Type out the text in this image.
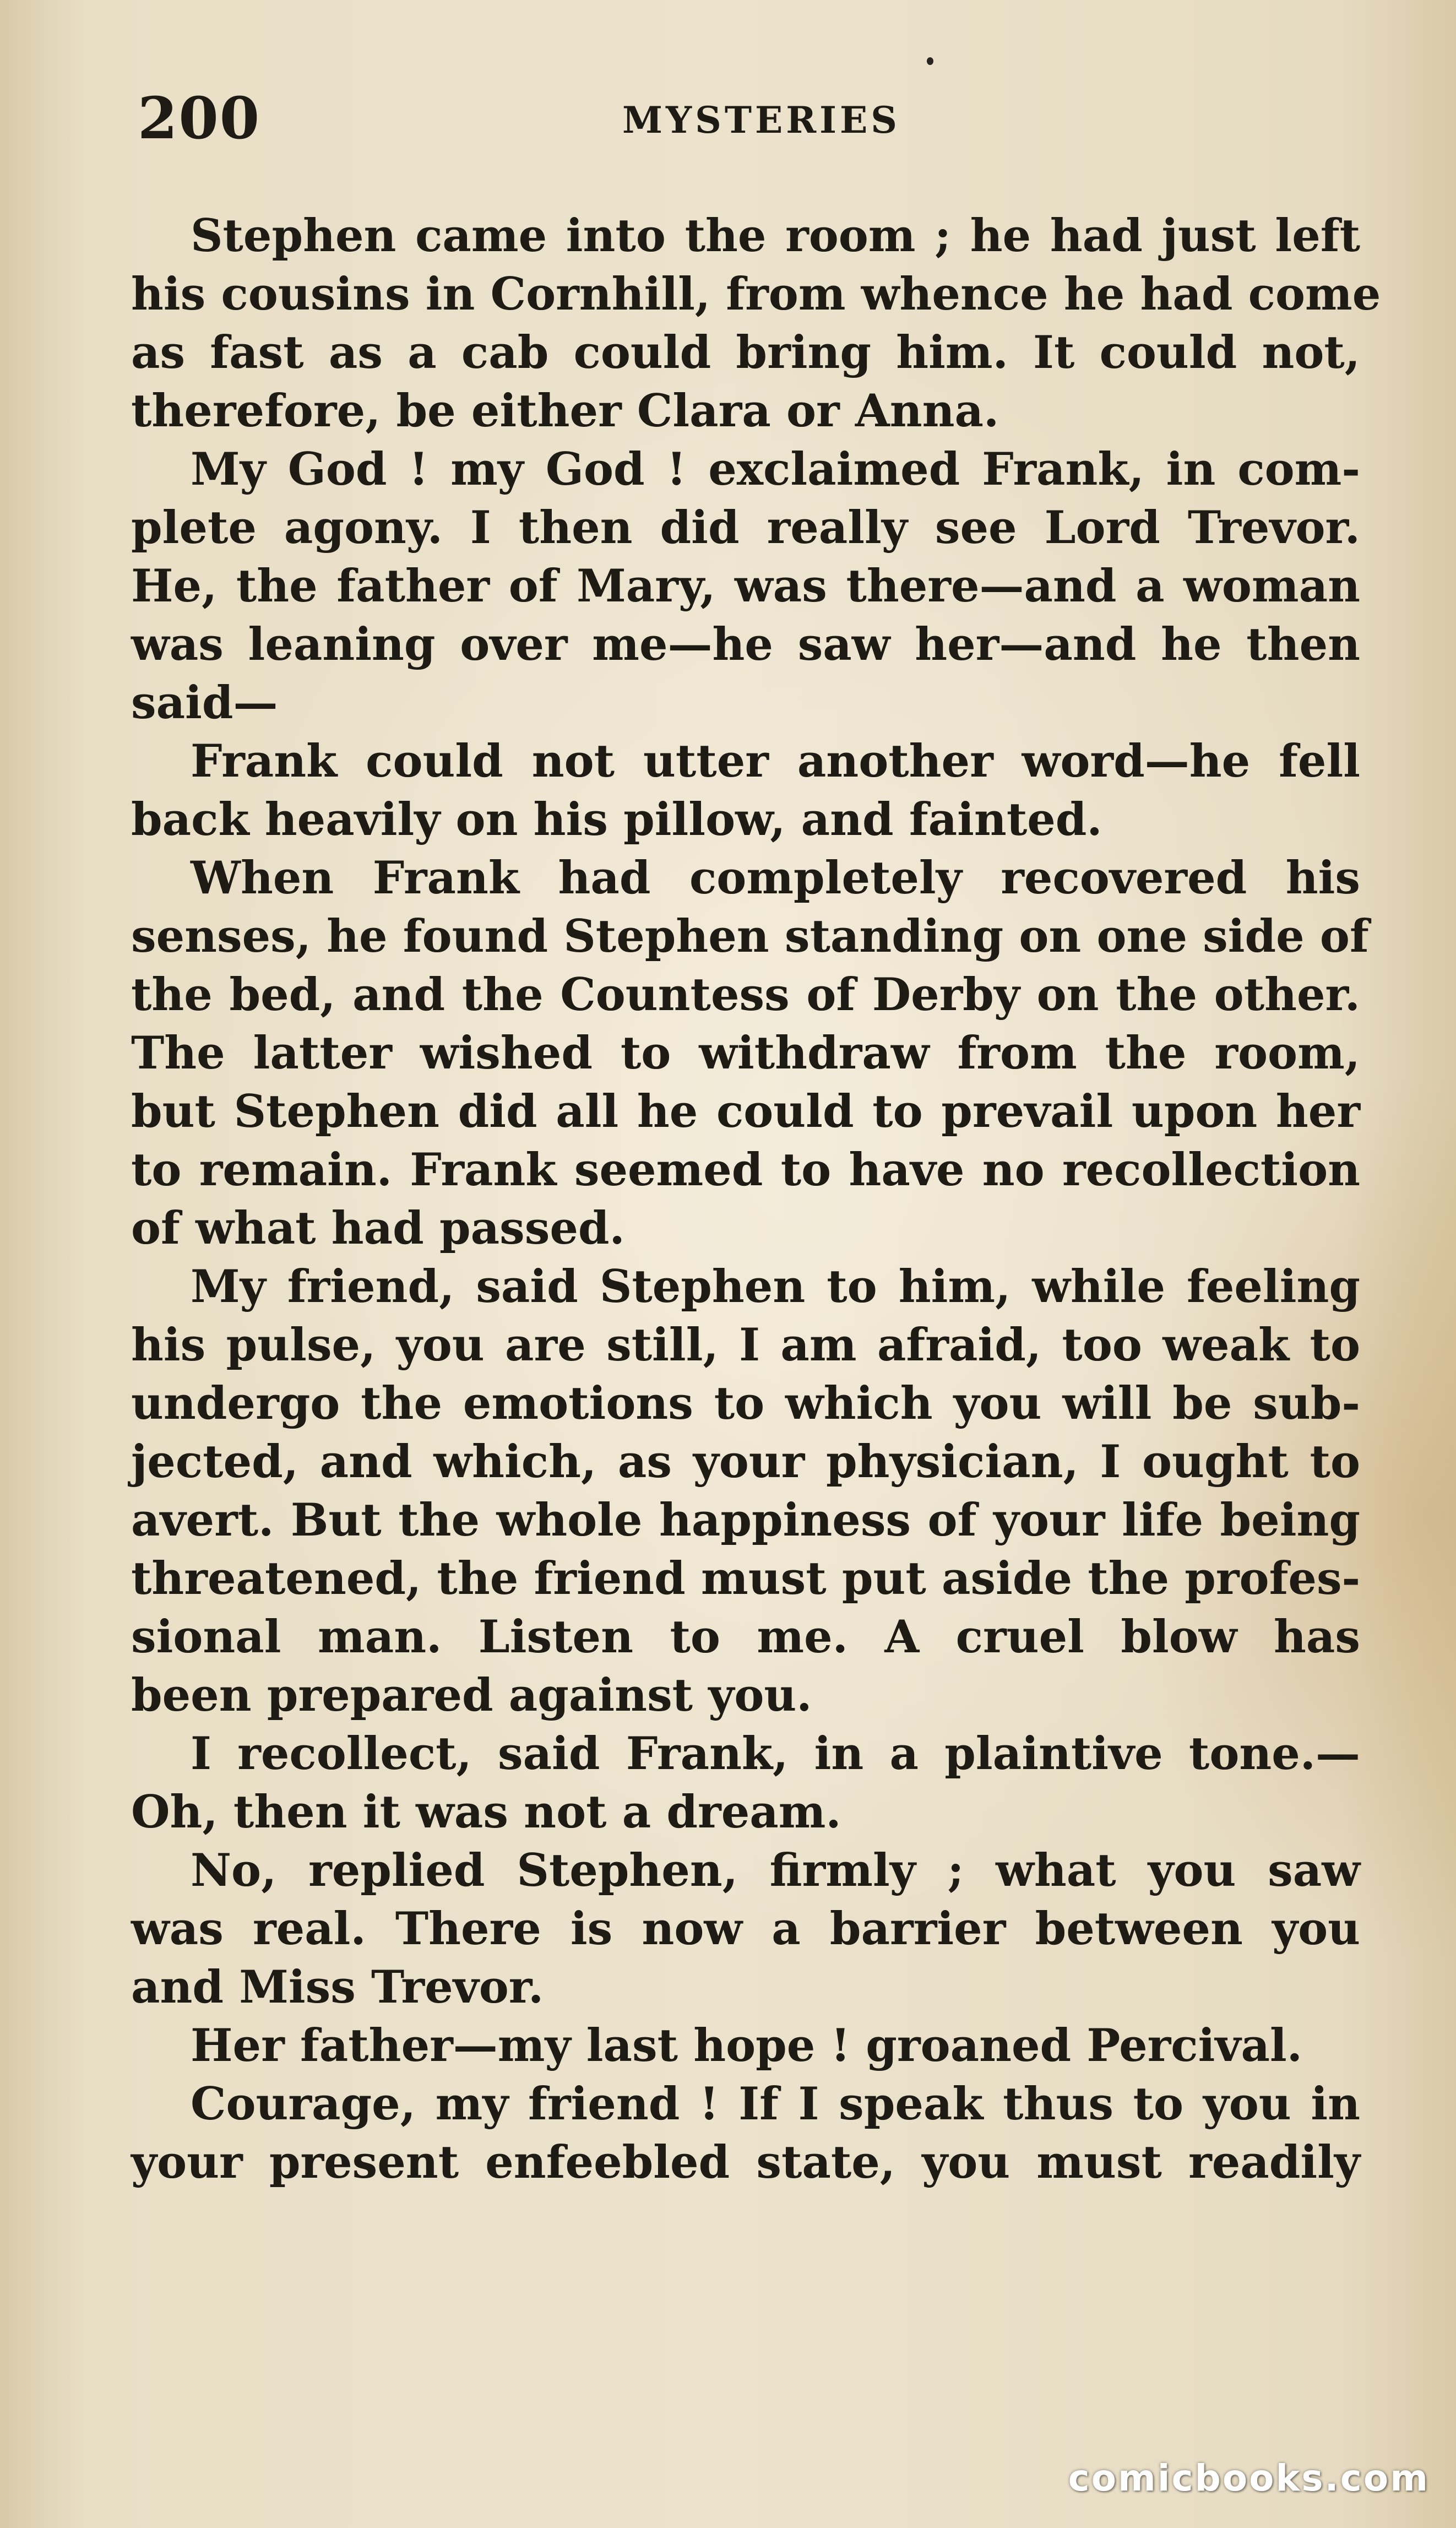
200	MYSTERIES
Stephen came into the room ; he had just left
his cousins in Cornhill, from whence he had come
as fast as a cab could bring him. It could not,
therefore, be either Clara or Anna.
My God ! my God ! exclaimed Frank, in com-
plete agony. I then did really see Lord Trevor.
He, the father of Mary, was there—and a woman
was leaning over me—he saw her—and he then
said—
Frank could not utter another word—he fell
back heavily on his pillow, and fainted.
When Frank had completely recovered his
senses, he found Stephen standing on one side of
the bed, and the Countess of Derby on the other.
The latter wished to withdraw from the room,
but Stephen did all he could to prevail upon her
to remain. Frank seemed to have no recollection
of what had passed.
My friend, said Stephen to him, while feeling
his pulse, you are still, I am afraid, too weak to
undergo the emotions to which you will be sub-
jected, and which, as your physician, I ought to
avert. But the whole happiness of your life being
threatened, the friend must put aside the profes-
sional man. Listen to me. A cruel blow has
been prepared against you.
I recollect, said Frank, in a plaintive tone.—
Oh, then it was not a dream.
No, replied Stephen, firmly ; what you saw
was real. There is now a barrier between you
and Miss Trevor.
Her father—my last hope ! groaned Percival.
Courage, my friend ! If I speak thus to you in
your present enfeebled state, you must readily
comicbooks.com
